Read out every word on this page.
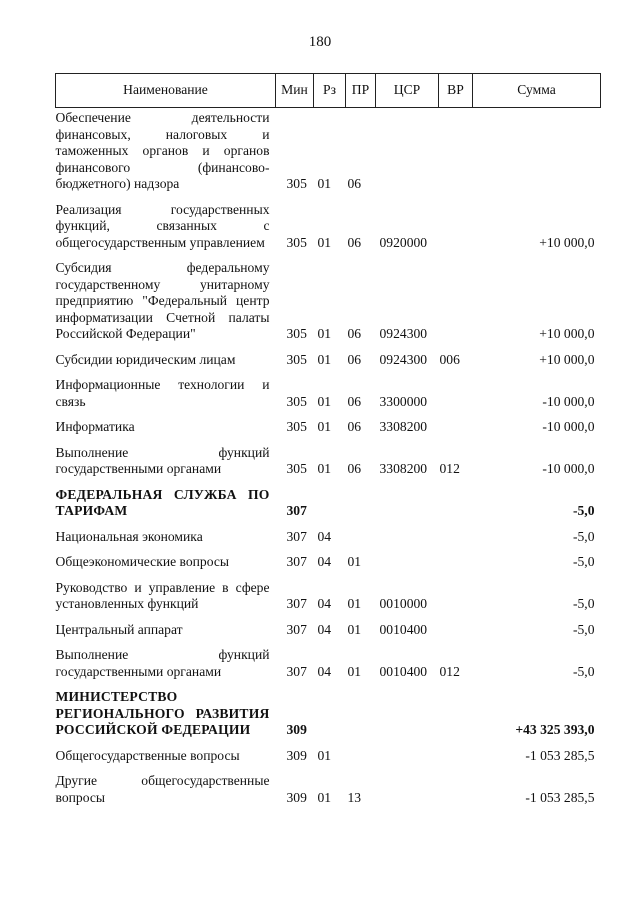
180
Наименование	Мин	Рз	ПР	ЦСР	ВР	Сумма
Обеспечение деятельности финансовых, налоговых и таможенных органов и органов финансового (финансово-бюджетного) надзора	305	01	06			
Реализация государственных функций, связанных с общегосударственным управлением	305	01	06	0920000		+10 000,0
Субсидия федеральному государственному унитарному предприятию "Федеральный центр информатизации Счетной палаты Российской Федерации"	305	01	06	0924300		+10 000,0
Субсидии юридическим лицам	305	01	06	0924300	006	+10 000,0
Информационные технологии и связь	305	01	06	3300000		-10 000,0
Информатика	305	01	06	3308200		-10 000,0
Выполнение функций государственными органами	305	01	06	3308200	012	-10 000,0
ФЕДЕРАЛЬНАЯ СЛУЖБА ПО ТАРИФАМ	307					-5,0
Национальная экономика	307	04				-5,0
Общеэкономические вопросы	307	04	01			-5,0
Руководство и управление в сфере установленных функций	307	04	01	0010000		-5,0
Центральный аппарат	307	04	01	0010400		-5,0
Выполнение функций государственными органами	307	04	01	0010400	012	-5,0
МИНИСТЕРСТВО РЕГИОНАЛЬНОГО РАЗВИТИЯ РОССИЙСКОЙ ФЕДЕРАЦИИ	309					+43 325 393,0
Общегосударственные вопросы	309	01				-1 053 285,5
Другие общегосударственные вопросы	309	01	13			-1 053 285,5
